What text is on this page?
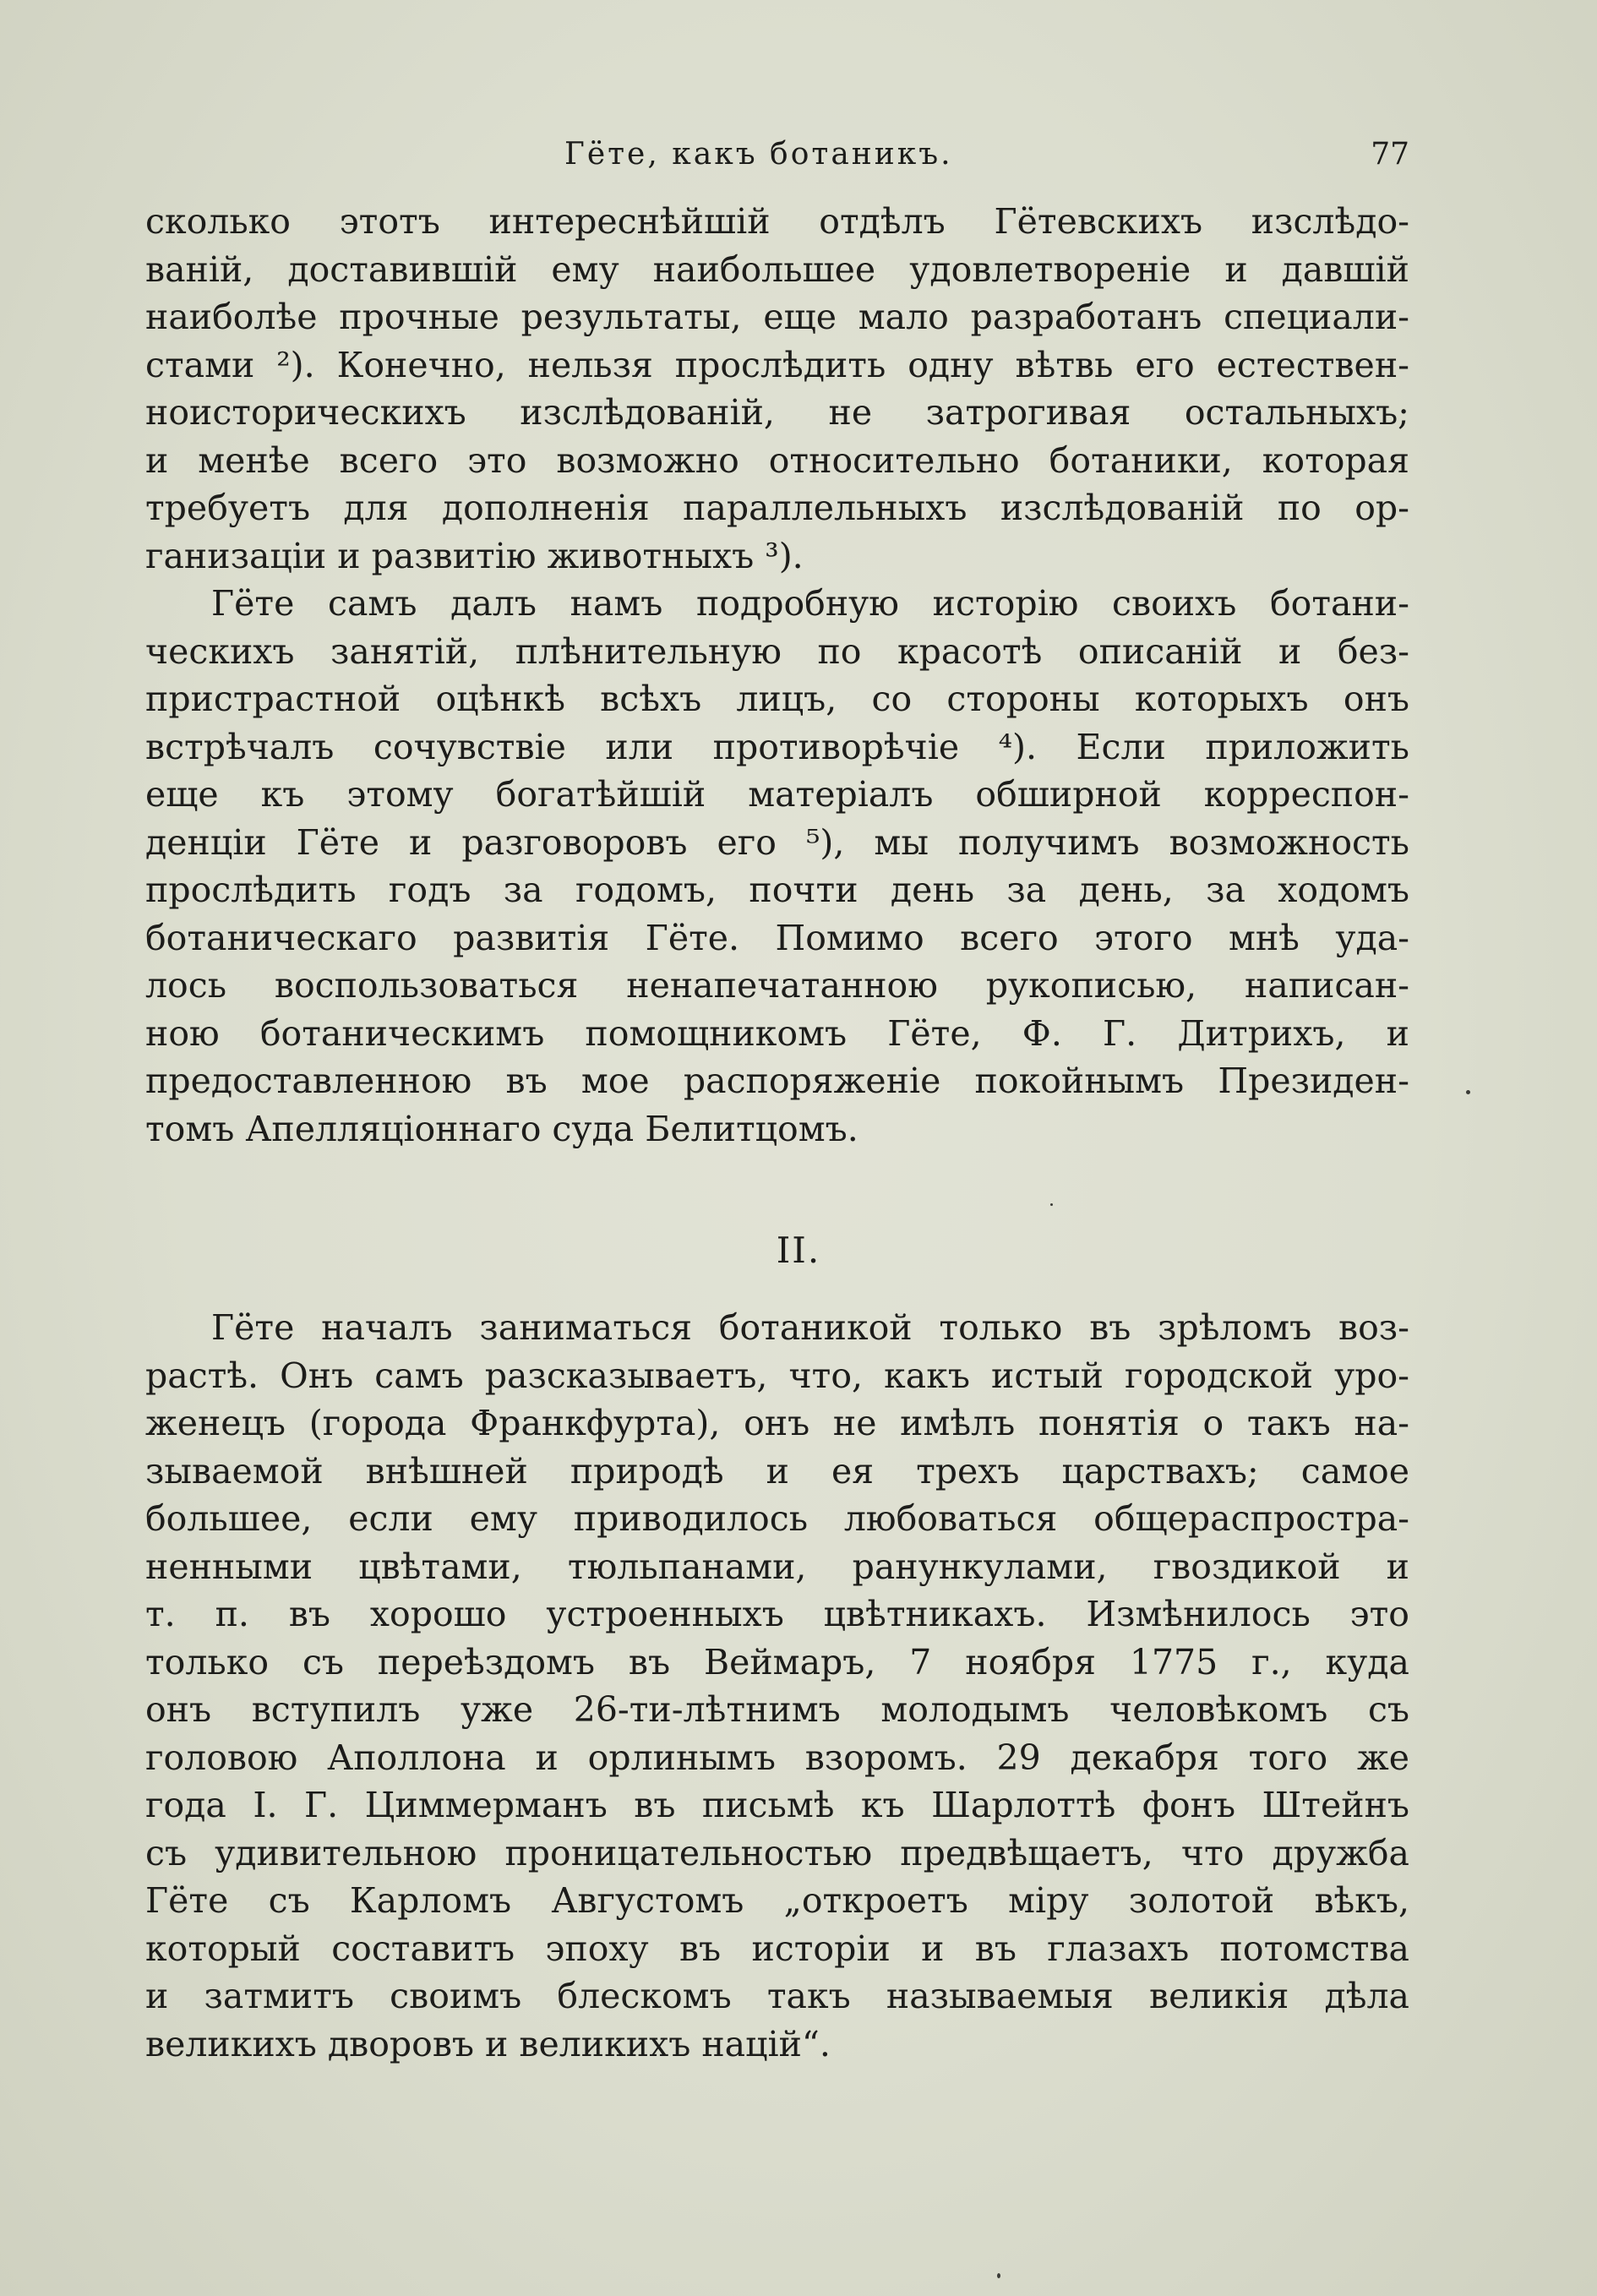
Гёте, какъ ботаникъ.	77
сколько этотъ интереснѣйшій отдѣлъ Гётевскихъ изслѣдо-
ваній, доставившій ему наибольшее удовлетвореніе и давшій
наиболѣе прочные результаты, еще мало разработанъ специали-
стами ²). Конечно, нельзя прослѣдить одну вѣтвь его естествен-
ноисторическихъ изслѣдованій, не затрогивая остальныхъ;
и менѣе всего это возможно относительно ботаники, которая
требуетъ для дополненія параллельныхъ изслѣдованій по ор-
ганизаціи и развитію животныхъ ³).
Гёте самъ далъ намъ подробную исторію своихъ ботани-
ческихъ занятій, плѣнительную по красотѣ описаній и без-
пристрастной оцѣнкѣ всѣхъ лицъ, со стороны которыхъ онъ
встрѣчалъ сочувствіе или противорѣчіе ⁴). Если приложить
еще къ этому богатѣйшій матеріалъ обширной корреспон-
денціи Гёте и разговоровъ его ⁵), мы получимъ возможность
прослѣдить годъ за годомъ, почти день за день, за ходомъ
ботаническаго развитія Гёте. Помимо всего этого мнѣ уда-
лось воспользоваться ненапечатанною рукописью, написан-
ною ботаническимъ помощникомъ Гёте, Ф. Г. Дитрихъ, и
предоставленною въ мое распоряженіе покойнымъ Президен-
томъ Апелляціоннаго суда Белитцомъ.
II.
Гёте началъ заниматься ботаникой только въ зрѣломъ воз-
растѣ. Онъ самъ разсказываетъ, что, какъ истый городской уро-
женецъ (города Франкфурта), онъ не имѣлъ понятія о такъ на-
зываемой внѣшней природѣ и ея трехъ царствахъ; самое
большее, если ему приводилось любоваться общераспростра-
ненными цвѣтами, тюльпанами, ранункулами, гвоздикой и
т. п. въ хорошо устроенныхъ цвѣтникахъ. Измѣнилось это
только съ переѣздомъ въ Веймаръ, 7 ноября 1775 г., куда
онъ вступилъ уже 26-ти-лѣтнимъ молодымъ человѣкомъ съ
головою Аполлона и орлинымъ взоромъ. 29 декабря того же
года І. Г. Циммерманъ въ письмѣ къ Шарлоттѣ фонъ Штейнъ
съ удивительною проницательностью предвѣщаетъ, что дружба
Гёте съ Карломъ Августомъ „откроетъ міру золотой вѣкъ,
который составитъ эпоху въ исторіи и въ глазахъ потомства
и затмитъ своимъ блескомъ такъ называемыя великія дѣла
великихъ дворовъ и великихъ націй“.
